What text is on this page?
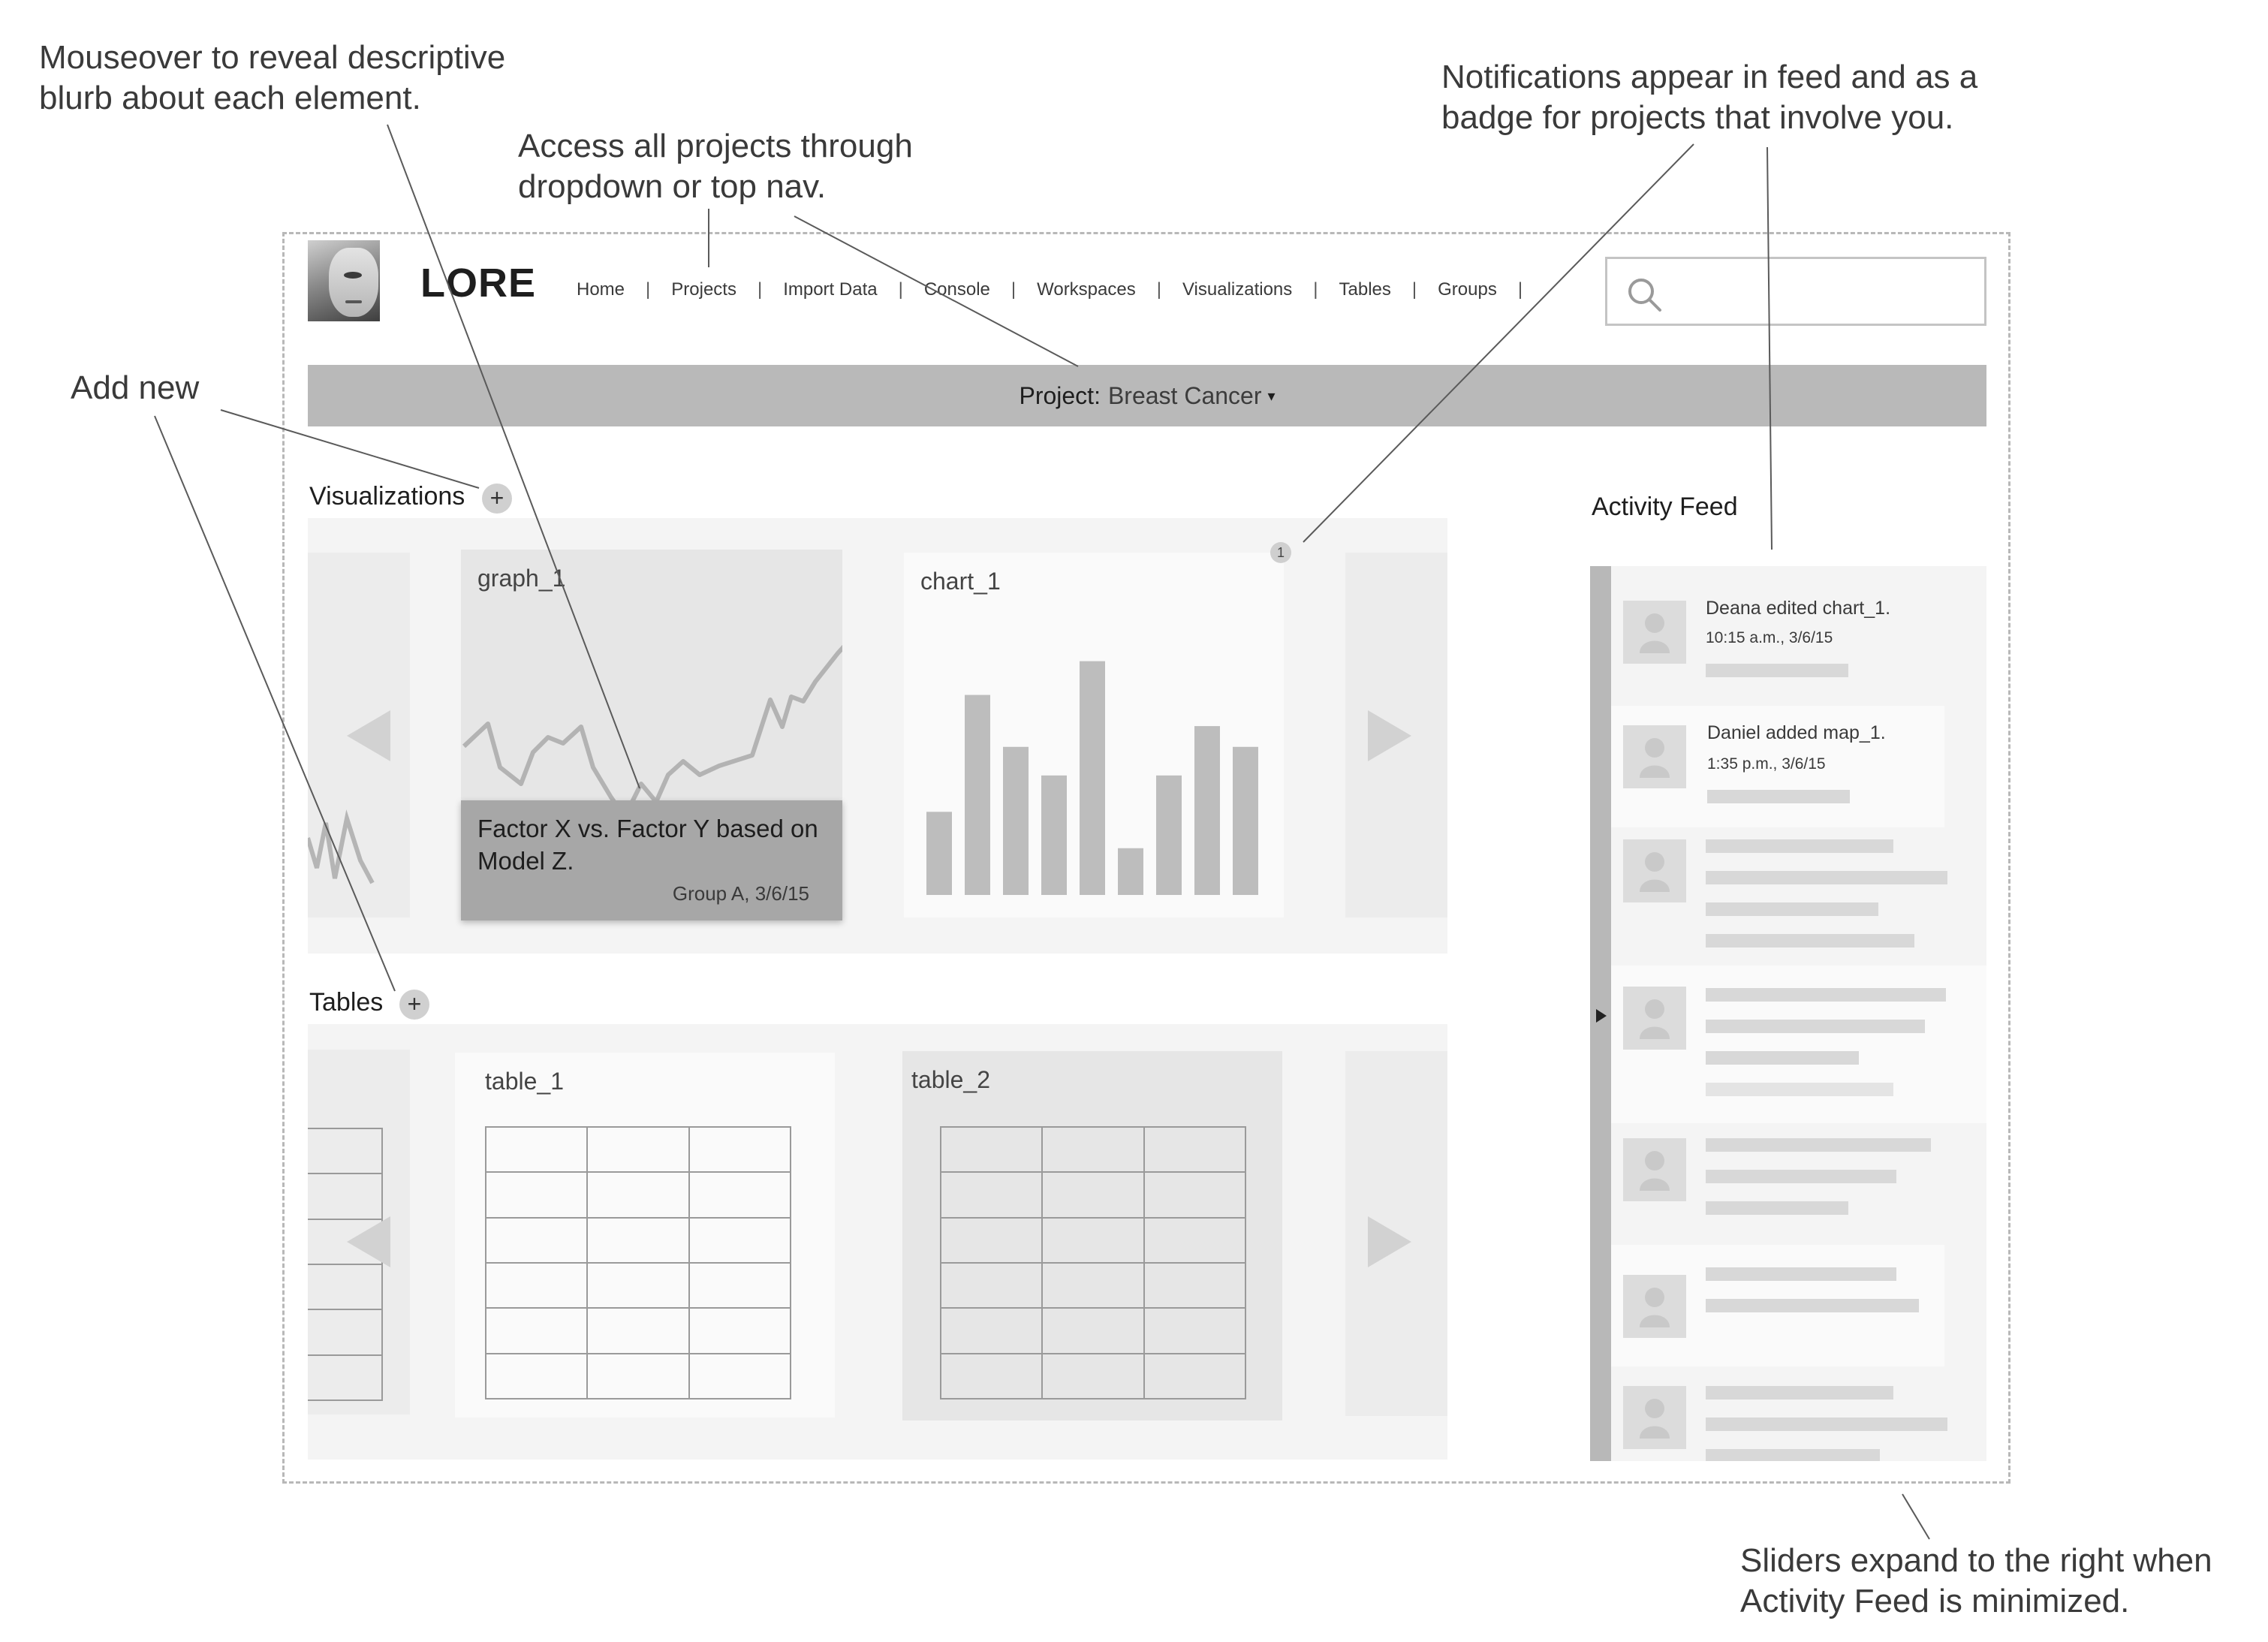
Mouseover to reveal descriptive
blurb about each element.
Access all projects through
dropdown or top nav.
Notifications appear in feed and as a
badge for projects that involve you.
Add new
Sliders expand to the right when
Activity Feed is minimized.
LORE Home | Projects | Import Data | Console | Workspaces | Visualizations | Tables | Groups |
Project: Breast Cancer ▾
Visualizations	+
graph_1
Factor X vs. Factor Y based on Model Z.
Group A, 3/6/15
chart_1
1
Tables	+

table_1

			table_2

Activity Feed
Deana edited chart_1.
10:15 a.m., 3/6/15
Daniel added map_1.
1:35 p.m., 3/6/15
